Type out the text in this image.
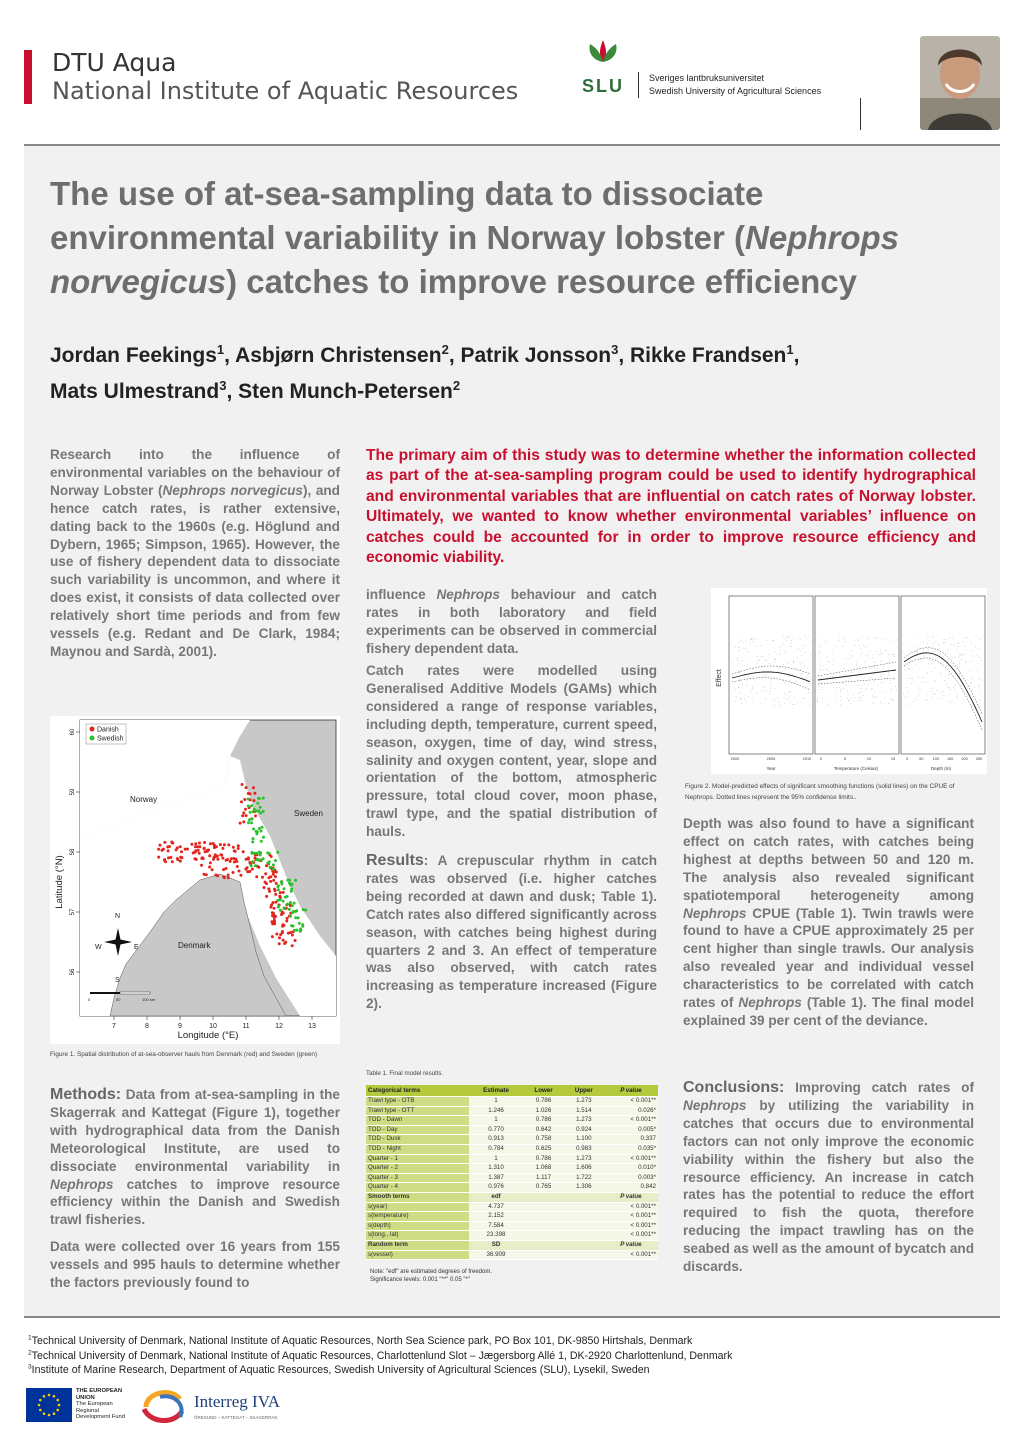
DTU Aqua
National Institute of Aquatic Resources	SLU	Sveriges lantbruksuniversitet
Swedish University of Agricultural Sciences
The use of at-sea-sampling data to dissociate environmental variability in Norway lobster (Nephrops norvegicus) catches to improve resource efficiency
Jordan Feekings$^1$, Asbjørn Christensen$^2$, Patrik Jonsson$^3$, Rikke Frandsen$^1$,
Mats Ulmestrand$^3$, Sten Munch-Petersen$^2$
Research into the influence of environmental variables on the behaviour of Norway Lobster (Nephrops norvegicus), and hence catch rates, is rather extensive, dating back to the 1960s (e.g. Höglund and Dybern, 1965; Simpson, 1965). However, the use of fishery dependent data to dissociate such variability is uncommon, and where it does exist, it consists of data collected over relatively short time periods and from few vessels (e.g. Redant and De Clark, 1984; Maynou and Sardà, 2001).
The primary aim of this study was to determine whether the information collected as part of the at-sea-sampling program could be used to identify hydrographical and environmental variables that are influential on catch rates of Norway lobster. Ultimately, we wanted to know whether environmental variables’ influence on catches could be accounted for in order to improve resource efficiency and economic viability.
influence Nephrops behaviour and catch rates in both laboratory and field experiments can be observed in commercial fishery dependent data.
Catch rates were modelled using Generalised Additive Models (GAMs) which considered a range of response variables, including depth, temperature, current speed, season, oxygen, time of day, wind stress, salinity and oxygen content, year, slope and orientation of the bottom, atmospheric pressure, total cloud cover, moon phase, trawl type, and the spatial distribution of hauls.
Results: A crepuscular rhythm in catch rates was observed (i.e. higher catches being recorded at dawn and dusk; Table 1). Catch rates also differed significantly across season, with catches being highest during quarters 2 and 3. An effect of temperature was also observed, with catch rates increasing as temperature increased (Figure 2).
Depth was also found to have a significant effect on catch rates, with catches being highest at depths between 50 and 120 m. The analysis also revealed significant spatiotemporal heterogeneity among Nephrops CPUE (Table 1). Twin trawls were found to have a CPUE approximately 25 per cent higher than single trawls. Our analysis also revealed year and individual vessel characteristics to be correlated with catch rates of Nephrops (Table 1). The final model explained 39 per cent of the deviance.
Conclusions: Improving catch rates of Nephrops by utilizing the variability in catches that occurs due to environmental factors can not only improve the economic viability within the fishery but also the resource efficiency. An increase in catch rates has the potential to reduce the effort required to fish the quota, therefore reducing the impact trawling has on the seabed as well as the amount of bycatch and discards.
Methods: Data from at-sea-sampling in the Skagerrak and Kattegat (Figure 1), together with hydrographical data from the Danish Meteorological Institute, are used to dissociate environmental variability in Nephrops catches to improve resource efficiency within the Danish and Swedish trawl fisheries.
Data were collected over 16 years from 155 vessels and 995 hauls to determine whether the factors previously found to
Danish
Swedish
Norway
Sweden
Denmark
N
S
E
W
0	50	100 km
7	8	9	10	11	12	13
60
59
58
57
56
Longitude (°E)
Latitude (°N)
Figure 1. Spatial distribution of at-sea-observer hauls from Denmark (red) and Sweden (green)
Effect
2000	2005	2010 0	5	10	15	0	50 100 150 200 250
Year	Temperature (Celsius)	Depth (m)
Figure 2. Model-predicted effects of significant smoothing functions (solid lines) on the CPUE of Nephrops. Dotted lines represent the 95% confidence limits..
Table 1. Final model results.
Categorical terms	Estimate	Lower	Upper	P value
Trawl type - OTB	1	0.786	1.273	< 0.001**
Trawl type - OTT	1.246	1.026	1.514	0.026*
TOD - Dawn	1	0.786	1.273	< 0.001**
TOD - Day	0.770	0.642	0.924	0.005*
TOD - Dusk	0.913	0.758	1.100	0.337
TOD - Night	0.784	0.625	0.983	0.035*
Quarter - 1	1	0.786	1.273	< 0.001**
Quarter - 2	1.310	1.068	1.606	0.010*
Quarter - 3	1.387	1.117	1.722	0.003*
Quarter - 4	0.976	0.765	1.306	0.842
Smooth terms	edf			P value
s(year)	4.737			< 0.001**
s(temperature)	2.152			< 0.001**
s(depth)	7.584			< 0.001**
s(long., lat)	23.398			< 0.001**
Random term	SD			P value
s(vessel)	36.909			< 0.001**
Note: "edf" are estimated degrees of freedom.
Significance levels: 0.001 "**" 0.05 "*"
$^1$Technical University of Denmark, National Institute of Aquatic Resources, North Sea Science park, PO Box 101, DK-9850 Hirtshals, Denmark
$^2$Technical University of Denmark, National Institute of Aquatic Resources, Charlottenlund Slot – Jægersborg Allé 1, DK-2920 Charlottenlund, Denmark
$^3$Institute of Marine Research, Department of Aquatic Resources, Swedish University of Agricultural Sciences (SLU), Lysekil, Sweden
THE EUROPEAN
UNION
The European
Regional
Development Fund
Interreg IVA
ÖRESUND – KATTEGAT – SKAGERRAK
